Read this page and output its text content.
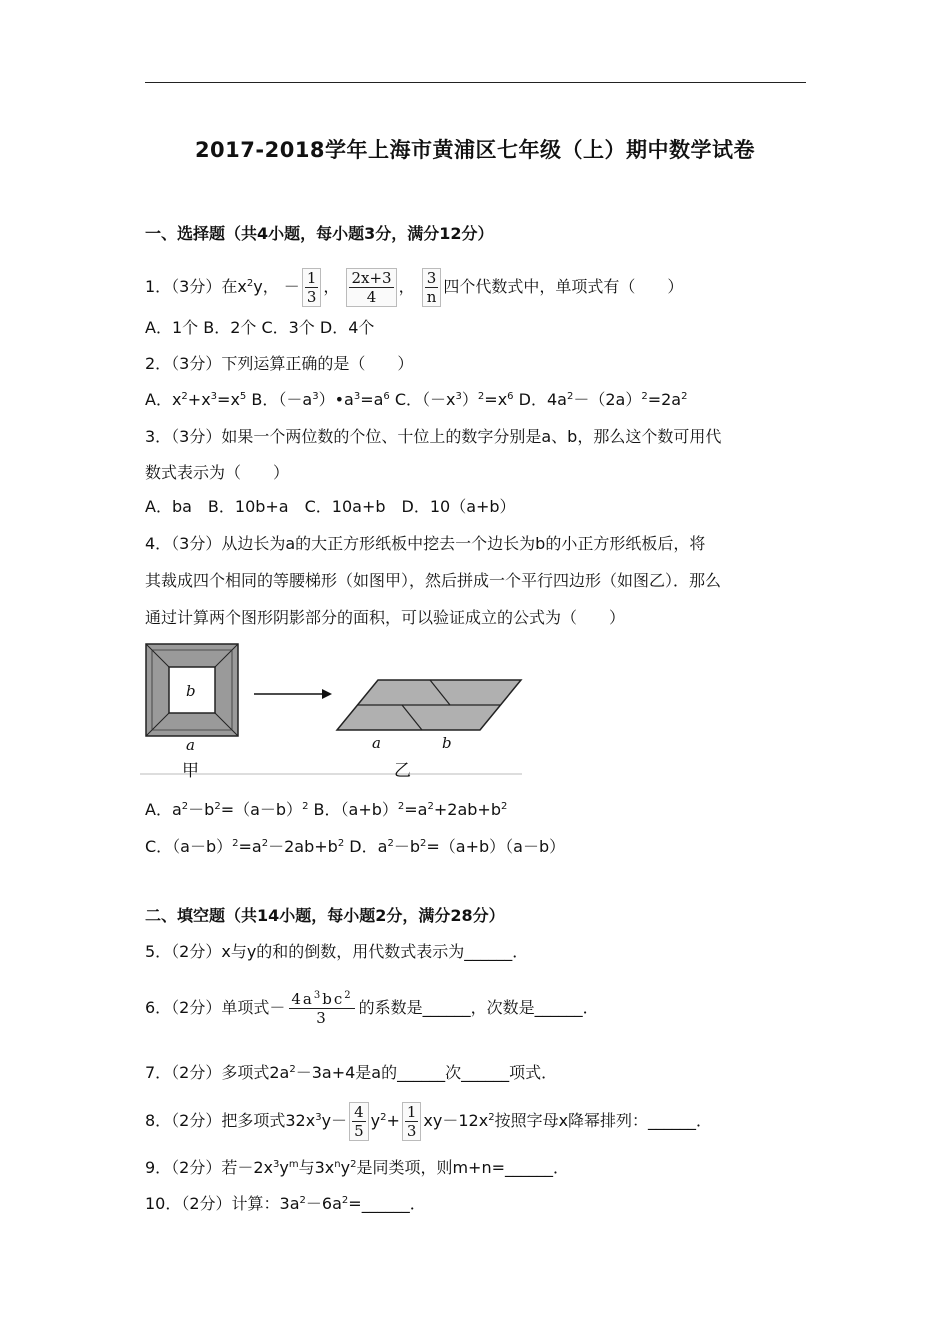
2017-2018学年上海市黄浦区七年级（上）期中数学试卷
一、选择题（共4小题，每小题3分，满分12分）
1．（3分）在$x^2y$， － $\frac{1}{3}$ ， $\frac{2x+3}{4}$ ， $\frac{3}{n}$ 四个代数式中，单项式有（　　）
A．1个 B．2个 C．3个 D．4个
2．（3分）下列运算正确的是（　　）
A．$x^2+x^3=x^5$ B．$(-a^3)•a^3=a^6$ C．$(-x^3)^2=x^6$ D．$4a^2-(2a)^2=2a^2$
3．（3分）如果一个两位数的个位、十位上的数字分别是a、b，那么这个数可用代
数式表示为（　　）
A．ba　B．10b+a　C．10a+b　D．10（a+b）
4．（3分）从边长为a的大正方形纸板中挖去一个边长为b的小正方形纸板后，将
其裁成四个相同的等腰梯形（如图甲），然后拼成一个平行四边形（如图乙）．那么
通过计算两个图形阴影部分的面积，可以验证成立的公式为（　　）
b
a
甲
a	b
乙
A．$a^2-b^2=(a-b)^2$ B．$(a+b)^2=a^2+2ab+b^2$
C．$(a-b)^2=a^2-2ab+b^2$ D．$a^2-b^2=(a+b)(a-b)$
二、填空题（共14小题，每小题2分，满分28分）
5．（2分）x与y的和的倒数，用代数式表示为______．
6．（2分）单项式－ $\frac{4a^3bc^2}{3}$ 的系数是______，次数是______．
7．（2分）多项式$2a^2-3a+4$是a的______次______项式．
8．（2分）把多项式$32x^3y- \frac{4}{5} y^2+ \frac{1}{3} xy-12x^2$按照字母x降幂排列：______．
9．（2分）若$-2x^3y^m$与$3x^ny^2$是同类项，则m+n=______．
10．（2分）计算：$3a^2-6a^2=\_\_\_\_\_\_$．
